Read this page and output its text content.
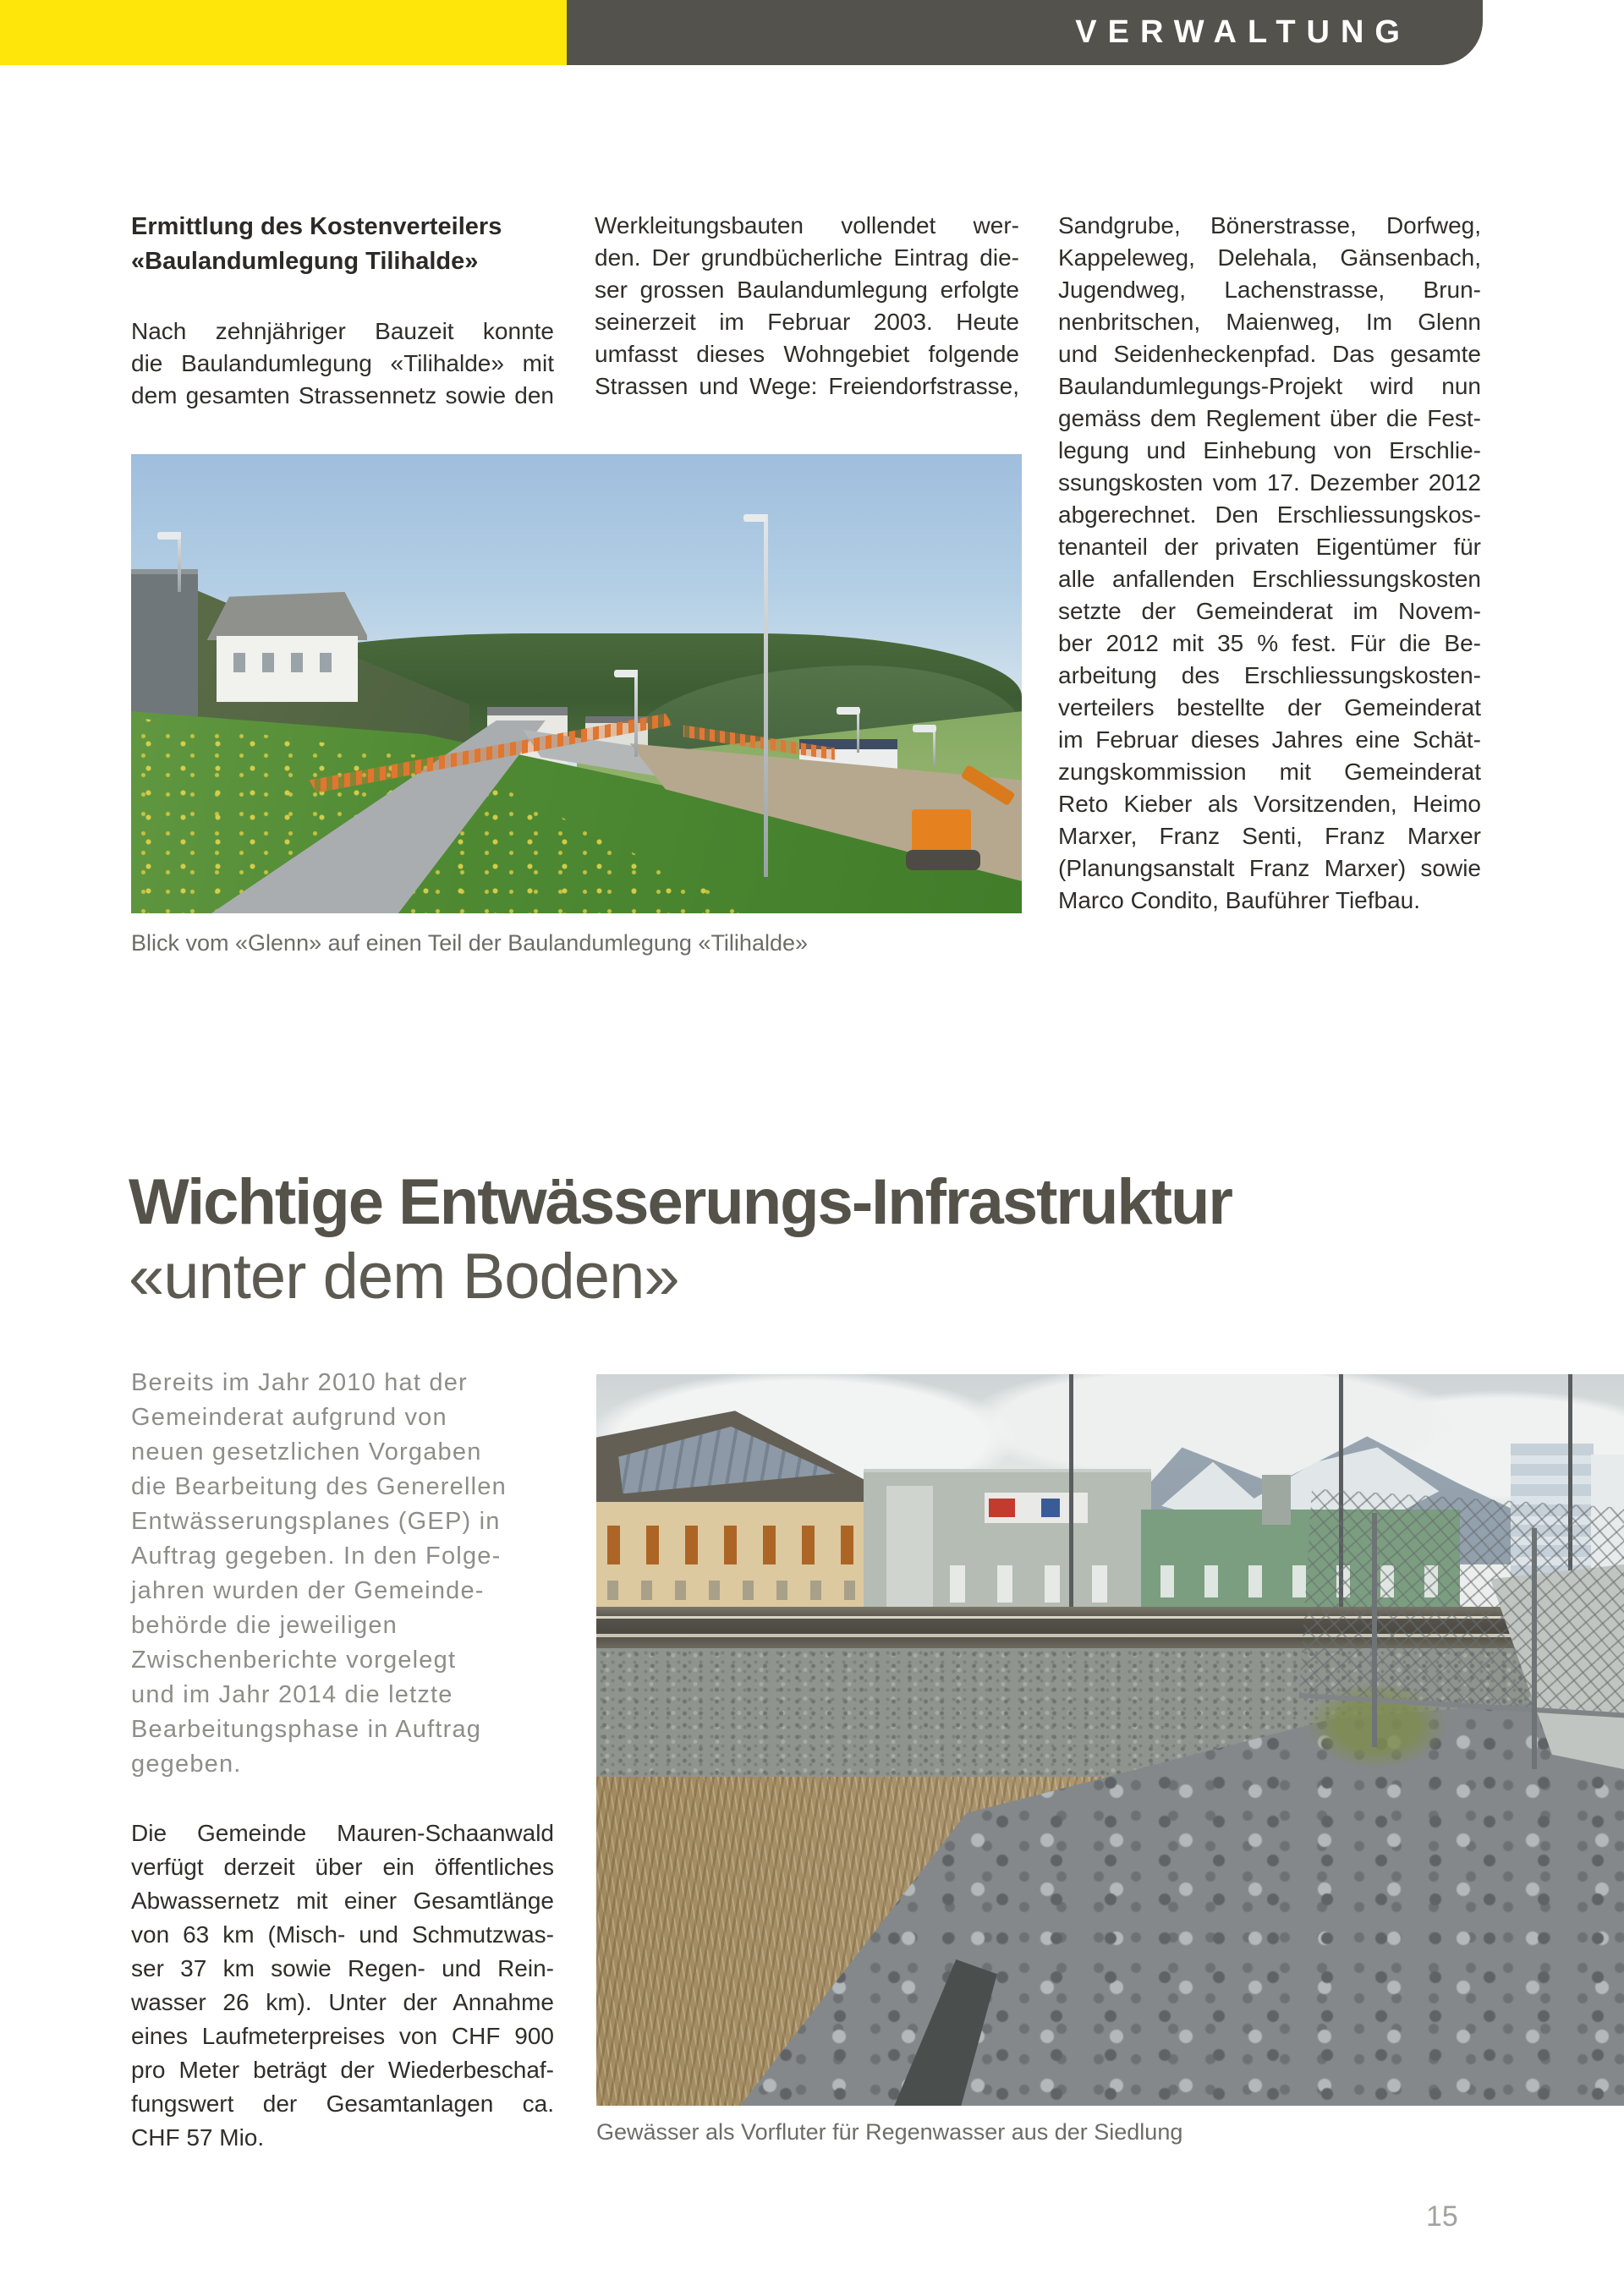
VERWALTUNG
Ermittlung des Kostenverteilers
«Baulandumlegung Tilihalde»
Nach zehnjähriger Bauzeit konnte
die Baulandumlegung «Tilihalde» mit
dem gesamten Strassennetz sowie den
Werkleitungsbauten vollendet wer-
den. Der grundbücherliche Eintrag die-
ser grossen Baulandumlegung erfolgte
seinerzeit im Februar 2003. Heute
umfasst dieses Wohngebiet folgende
Strassen und Wege: Freiendorfstrasse,
Sandgrube, Bönerstrasse, Dorfweg,
Kappeleweg, Delehala, Gänsenbach,
Jugendweg, Lachenstrasse, Brun-
nenbritschen, Maienweg, Im Glenn
und Seidenheckenpfad. Das gesamte
Baulandumlegungs-Projekt wird nun
gemäss dem Reglement über die Fest-
legung und Einhebung von Erschlie-
ssungskosten vom 17. Dezember 2012
abgerechnet. Den Erschliessungskos-
tenanteil der privaten Eigentümer für
alle anfallenden Erschliessungskosten
setzte der Gemeinderat im Novem-
ber 2012 mit 35 % fest. Für die Be-
arbeitung des Erschliessungskosten-
verteilers bestellte der Gemeinderat
im Februar dieses Jahres eine Schät-
zungskommission mit Gemeinderat
Reto Kieber als Vorsitzenden, Heimo
Marxer, Franz Senti, Franz Marxer
(Planungsanstalt Franz Marxer) sowie
Marco Condito, Bauführer Tiefbau.
Blick vom «Glenn» auf einen Teil der Baulandumlegung «Tilihalde»
Wichtige Entwässerungs-Infrastruktur
«unter dem Boden»
Bereits im Jahr 2010 hat der
Gemeinderat aufgrund von
neuen gesetzlichen Vorgaben
die Bearbeitung des Generellen
Entwässerungsplanes (GEP) in
Auftrag gegeben. In den Folge-
jahren wurden der Gemeinde-
behörde die jeweiligen
Zwischenberichte vorgelegt
und im Jahr 2014 die letzte
Bearbeitungsphase in Auftrag
gegeben.
Die Gemeinde Mauren-Schaanwald
verfügt derzeit über ein öffentliches
Abwassernetz mit einer Gesamtlänge
von 63 km (Misch- und Schmutzwas-
ser 37 km sowie Regen- und Rein-
wasser 26 km). Unter der Annahme
eines Laufmeterpreises von CHF 900
pro Meter beträgt der Wiederbeschaf-
fungswert der Gesamtanlagen ca.
CHF 57 Mio.	Gewässer als Vorfluter für Regenwasser aus der Siedlung
15
